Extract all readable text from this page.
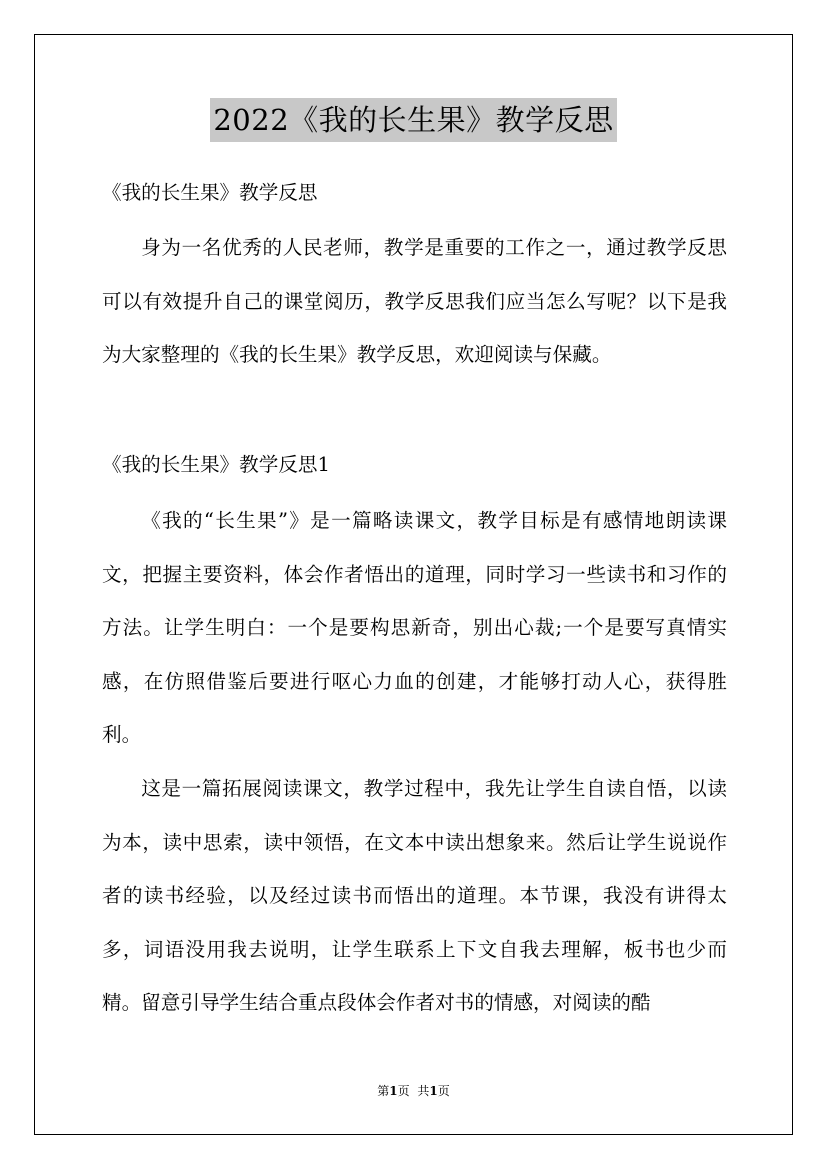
2022《我的长生果》教学反思
《我的长生果》教学反思
身为一名优秀的人民老师，教学是重要的工作之一，通过教学反思可以有效提升自己的课堂阅历，教学反思我们应当怎么写呢？以下是我为大家整理的《我的长生果》教学反思，欢迎阅读与保藏。
《我的长生果》教学反思1
《我的“长生果”》是一篇略读课文，教学目标是有感情地朗读课文，把握主要资料，体会作者悟出的道理，同时学习一些读书和习作的方法。让学生明白：一个是要构思新奇，别出心裁;一个是要写真情实感，在仿照借鉴后要进行呕心力血的创建，才能够打动人心，获得胜利。
这是一篇拓展阅读课文，教学过程中，我先让学生自读自悟，以读为本，读中思索，读中领悟，在文本中读出想象来。然后让学生说说作者的读书经验，以及经过读书而悟出的道理。本节课，我没有讲得太多，词语没用我去说明，让学生联系上下文自我去理解，板书也少而精。留意引导学生结合重点段体会作者对书的情感，对阅读的酷
第1页 共1页
